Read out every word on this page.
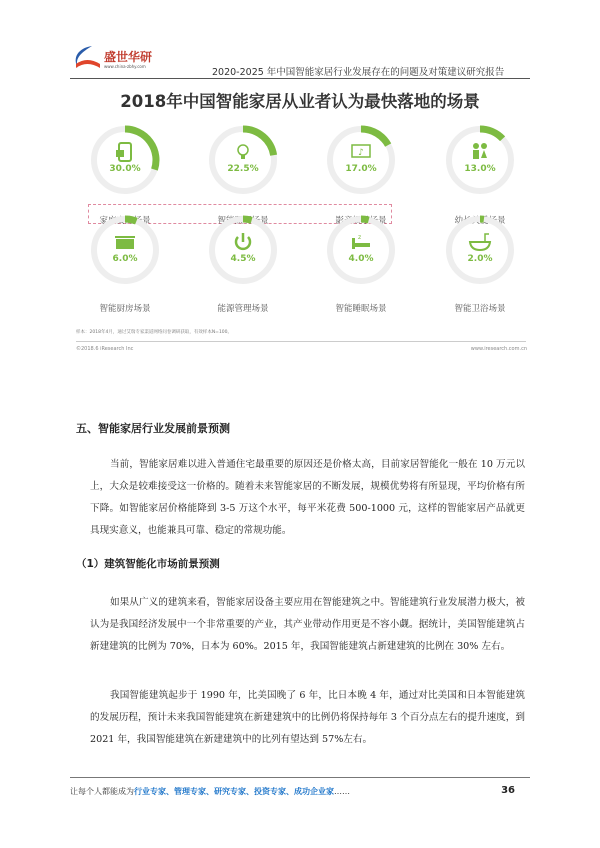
盛世华研
www.china-zbhy.com
2020-2025 年中国智能家居行业发展存在的问题及对策建议研究报告
2018年中国智能家居从业者认为最快落地的场景
30.0%
家庭安防场景
22.5%
智能照明场景
♪
17.0%
影音娱乐场景
13.0%
幼长关爱场景
6.0%
智能厨房场景
4.5%
能源管理场景
z
4.0%
智能睡眠场景
2.0%
智能卫浴场景
样本：2018年4月，通过艾瑞专家渠道网络问卷调研获取，有效样本N=100。
©2018.6 iResearch Inc	www.iresearch.com.cn
五、智能家居行业发展前景预测
当前，智能家居难以进入普通住宅最重要的原因还是价格太高，目前家居智能化一般在 10 万元以上，大众是较难接受这一价格的。随着未来智能家居的不断发展，规模优势将有所显现，平均价格有所下降。如智能家居价格能降到 3-5 万这个水平，每平米花费 500-1000 元，这样的智能家居产品就更具现实意义，也能兼具可靠、稳定的常规功能。
（1）建筑智能化市场前景预测
如果从广义的建筑来看，智能家居设备主要应用在智能建筑之中。智能建筑行业发展潜力极大，被认为是我国经济发展中一个非常重要的产业，其产业带动作用更是不容小觑。据统计，美国智能建筑占新建建筑的比例为 70%，日本为 60%。2015 年，我国智能建筑占新建建筑的比例在 30% 左右。
我国智能建筑起步于 1990 年，比美国晚了 6 年，比日本晚 4 年，通过对比美国和日本智能建筑的发展历程，预计未来我国智能建筑在新建建筑中的比例仍将保持每年 3 个百分点左右的提升速度，到 2021 年，我国智能建筑在新建建筑中的比列有望达到 57%左右。
让每个人都能成为行业专家、管理专家、研究专家、投资专家、成功企业家……	36
